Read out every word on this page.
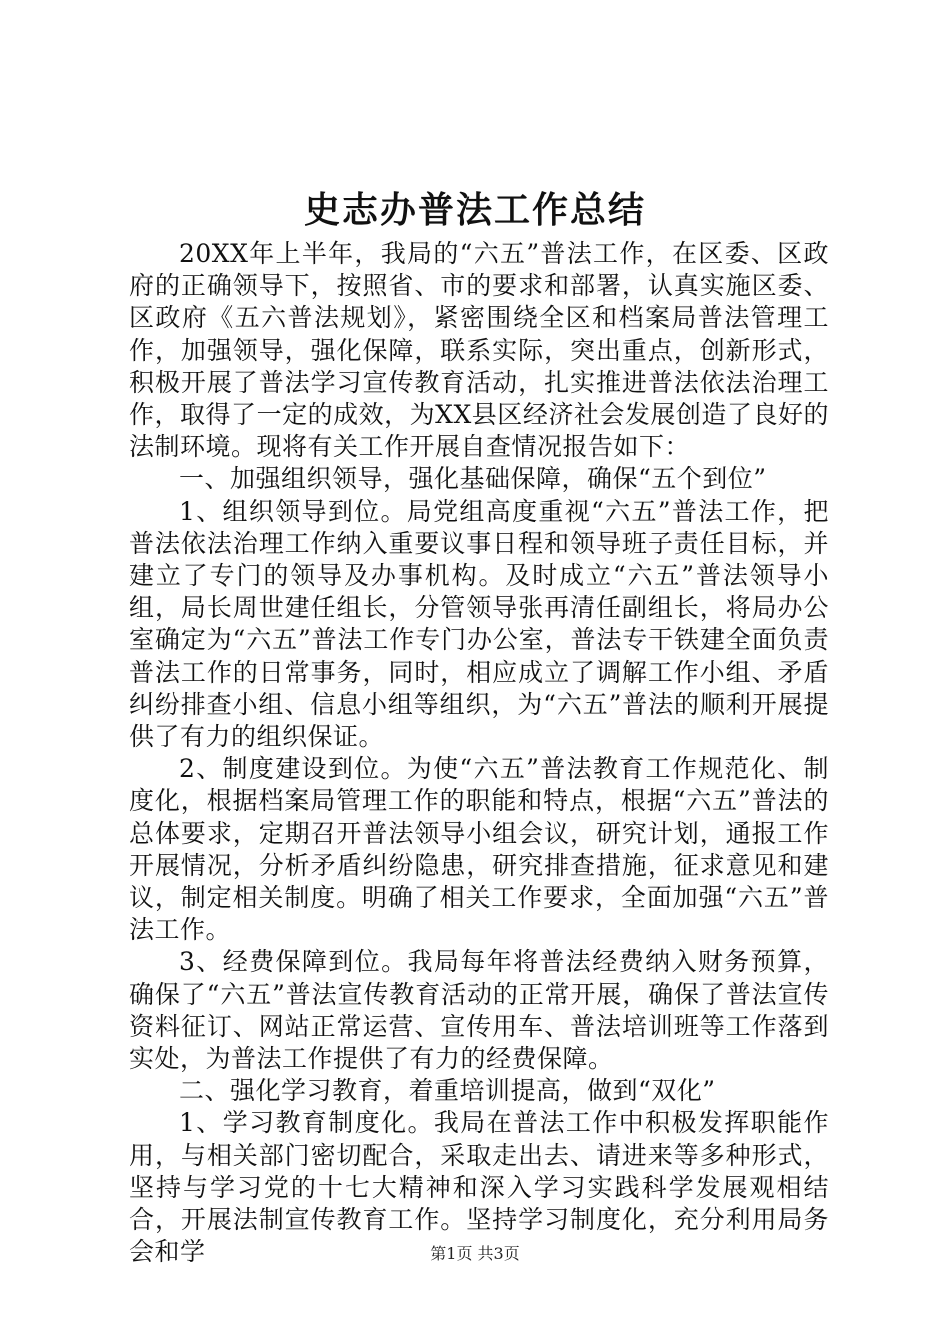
史志办普法工作总结

20XX年上半年，我局的“六五”普法工作，在区委、区政府的正确领导下，按照省、市的要求和部署，认真实施区委、区政府《五六普法规划》，紧密围绕全区和档案局普法管理工作，加强领导，强化保障，联系实际，突出重点，创新形式，积极开展了普法学习宣传教育活动，扎实推进普法依法治理工作，取得了一定的成效，为XX县区经济社会发展创造了良好的法制环境。现将有关工作开展自查情况报告如下：

一、加强组织领导，强化基础保障，确保“五个到位”

1、组织领导到位。局党组高度重视“六五”普法工作，把普法依法治理工作纳入重要议事日程和领导班子责任目标，并建立了专门的领导及办事机构。及时成立“六五”普法领导小组，局长周世建任组长，分管领导张再清任副组长，将局办公室确定为“六五”普法工作专门办公室，普法专干铁建全面负责普法工作的日常事务，同时，相应成立了调解工作小组、矛盾纠纷排查小组、信息小组等组织，为“六五”普法的顺利开展提供了有力的组织保证。

2、制度建设到位。为使“六五”普法教育工作规范化、制度化，根据档案局管理工作的职能和特点，根据“六五”普法的总体要求，定期召开普法领导小组会议，研究计划，通报工作开展情况，分析矛盾纠纷隐患，研究排查措施，征求意见和建议，制定相关制度。明确了相关工作要求，全面加强“六五”普法工作。

3、经费保障到位。我局每年将普法经费纳入财务预算，确保了“六五”普法宣传教育活动的正常开展，确保了普法宣传资料征订、网站正常运营、宣传用车、普法培训班等工作落到实处，为普法工作提供了有力的经费保障。

二、强化学习教育，着重培训提高，做到“双化”

1、学习教育制度化。我局在普法工作中积极发挥职能作用，与相关部门密切配合，采取走出去、请进来等多种形式，坚持与学习党的十七大精神和深入学习实践科学发展观相结合，开展法制宣传教育工作。坚持学习制度化，充分利用局务会和学	第1页 共3页
